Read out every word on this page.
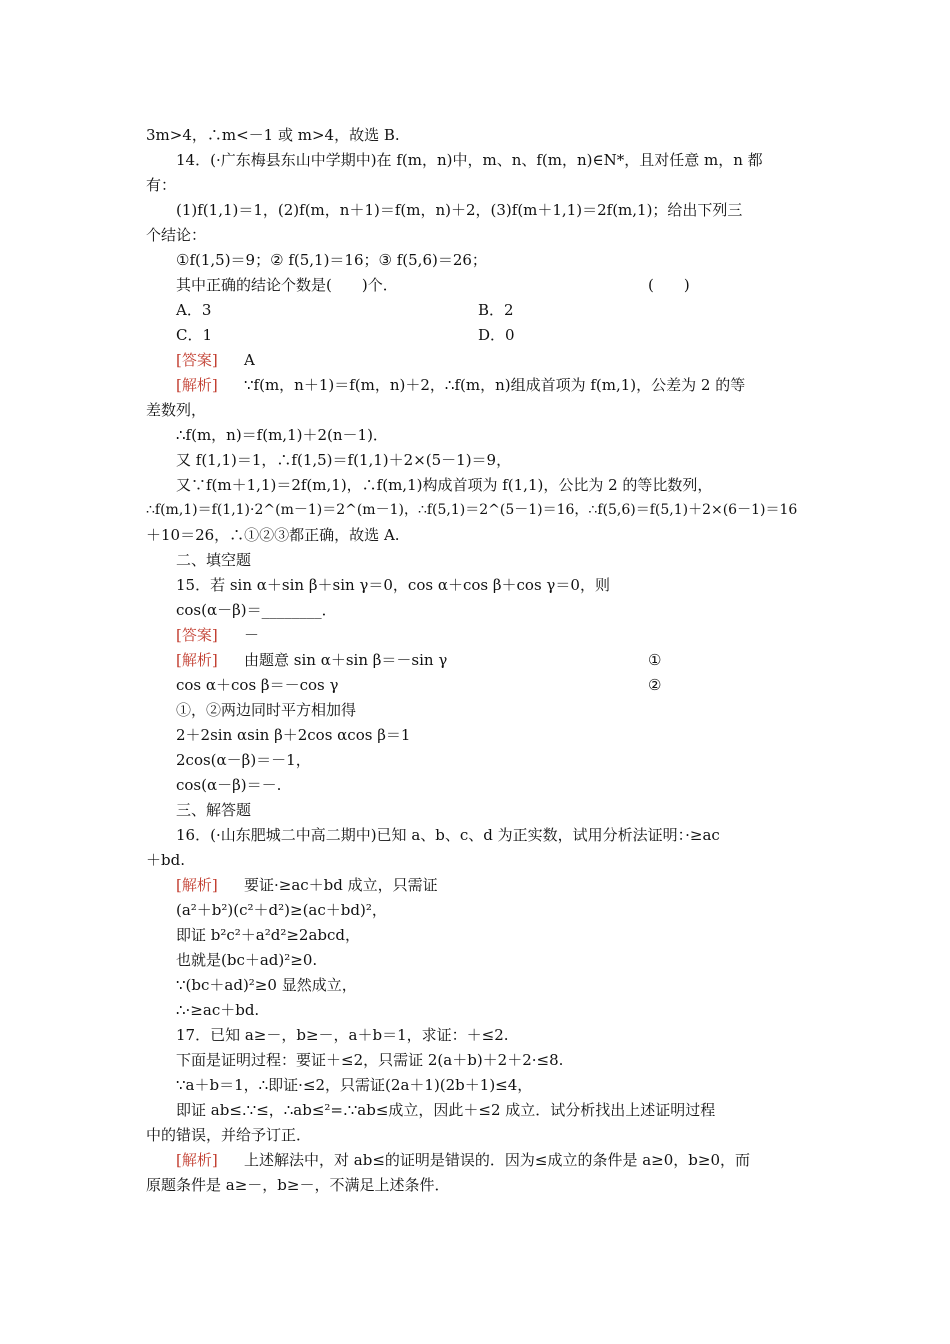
3m>4，∴m<－1 或 m>4，故选 B.
14．(·广东梅县东山中学期中)在 f(m，n)中，m、n、f(m，n)∈N*，且对任意 m，n 都
有：
(1)f(1,1)＝1，(2)f(m，n＋1)＝f(m，n)＋2，(3)f(m＋1,1)＝2f(m,1)；给出下列三
个结论：
①f(1,5)＝9；② f(5,1)＝16；③ f(5,6)＝26；
其中正确的结论个数是(　　)个．	(　　)
A．3	B．2
C．1	D．0
[答案] A
[解析] ∵f(m，n＋1)＝f(m，n)＋2，∴f(m，n)组成首项为 f(m,1)，公差为 2 的等
差数列，
∴f(m，n)＝f(m,1)＋2(n－1)．
又 f(1,1)＝1，∴f(1,5)＝f(1,1)＋2×(5－1)＝9，
又∵f(m＋1,1)＝2f(m,1)，∴f(m,1)构成首项为 f(1,1)，公比为 2 的等比数列，
∴f(m,1)＝f(1,1)·2^(m－1)＝2^(m－1)，∴f(5,1)＝2^(5－1)＝16，∴f(5,6)＝f(5,1)＋2×(6－1)＝16
＋10＝26，∴①②③都正确，故选 A.
二、填空题
15．若 sin α＋sin β＋sin γ＝0，cos α＋cos β＋cos γ＝0，则
cos(α－β)＝________．
[答案] －
[解析] 由题意 sin α＋sin β＝－sin γ	①
cos α＋cos β＝－cos γ	②
①，②两边同时平方相加得
2＋2sin αsin β＋2cos αcos β＝1
2cos(α－β)＝－1，
cos(α－β)＝－.
三、解答题
16．(·山东肥城二中高二期中)已知 a、b、c、d 为正实数，试用分析法证明：·≥ac
＋bd.
[解析] 要证·≥ac＋bd 成立，只需证
(a²＋b²)(c²＋d²)≥(ac＋bd)²，
即证 b²c²＋a²d²≥2abcd，
也就是(bc＋ad)²≥0.
∵(bc＋ad)²≥0 显然成立，
∴·≥ac＋bd.
17．已知 a≥－，b≥－，a＋b＝1，求证：＋≤2.
下面是证明过程：要证＋≤2，只需证 2(a＋b)＋2＋2·≤8.
∵a＋b＝1，∴即证·≤2，只需证(2a＋1)(2b＋1)≤4，
即证 ab≤.∵≤，∴ab≤²=.∵ab≤成立，因此＋≤2 成立．试分析找出上述证明过程
中的错误，并给予订正．
[解析] 上述解法中，对 ab≤的证明是错误的．因为≤成立的条件是 a≥0，b≥0，而
原题条件是 a≥－，b≥－，不满足上述条件．
